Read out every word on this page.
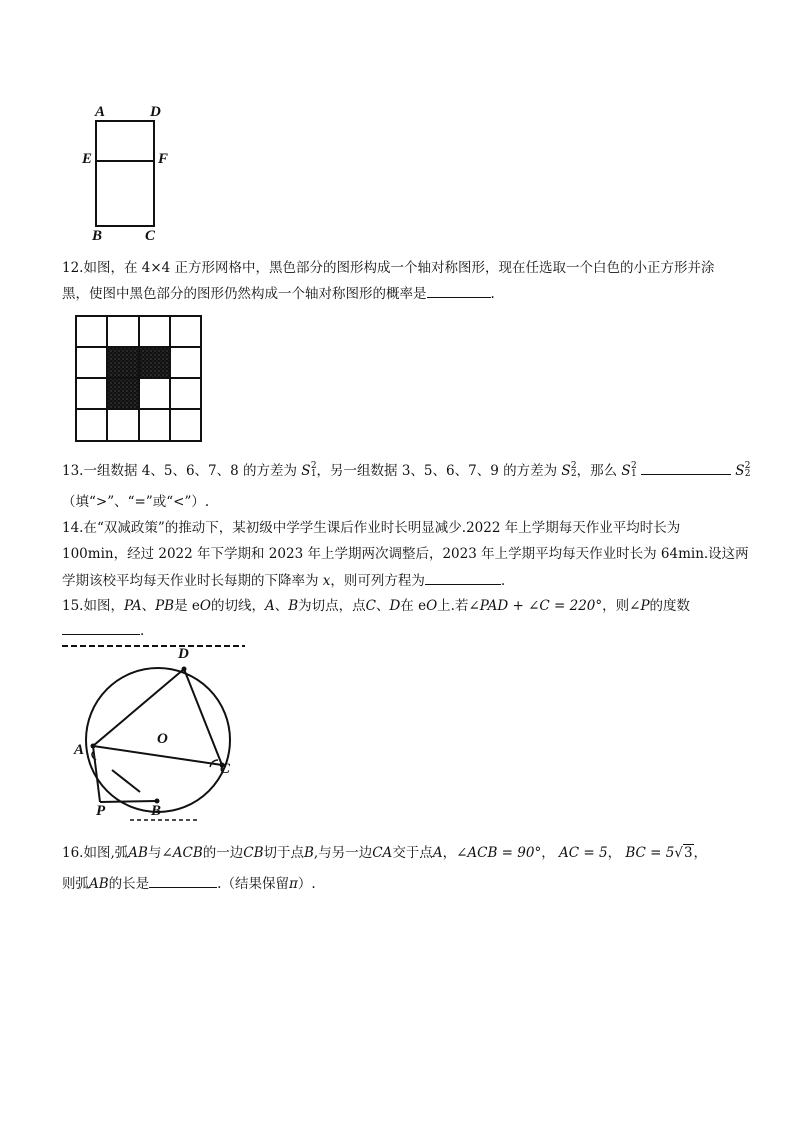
A	D
E	F
B	C
12.如图，在 4×4 正方形网格中，黑色部分的图形构成一个轴对称图形，现在任选取一个白色的小正方形并涂
黑，使图中黑色部分的图形仍然构成一个轴对称图形的概率是	.
13.一组数据 4、5、6、7、8 的方差为 S 2
1 ，另一组数据 3、5、6、7、9 的方差为 S 2
2 ，那么 S 2
1	S 2
2
（填“>”、“=”或“<”）.
14.在“双减政策”的推动下，某初级中学学生课后作业时长明显减少.2022 年上学期每天作业平均时长为
100min，经过 2022 年下学期和 2023 年上学期两次调整后，2023 年上学期平均每天作业时长为 64min.设这两
学期该校平均每天作业时长每期的下降率为 x，则可列方程为	.
15.如图，PA、PB是 eO的切线，A、B为切点，点C、D在 eO上.若∠PAD + ∠C = 220°，则∠P的度数
.
D
O
A
C
P	B
16.如图,弧AB与∠ACB的一边CB切于点B,与另一边CA交于点A，∠ACB = 90°， AC = 5， BC = 5√3，
则弧AB的长是	.（结果保留π）.
